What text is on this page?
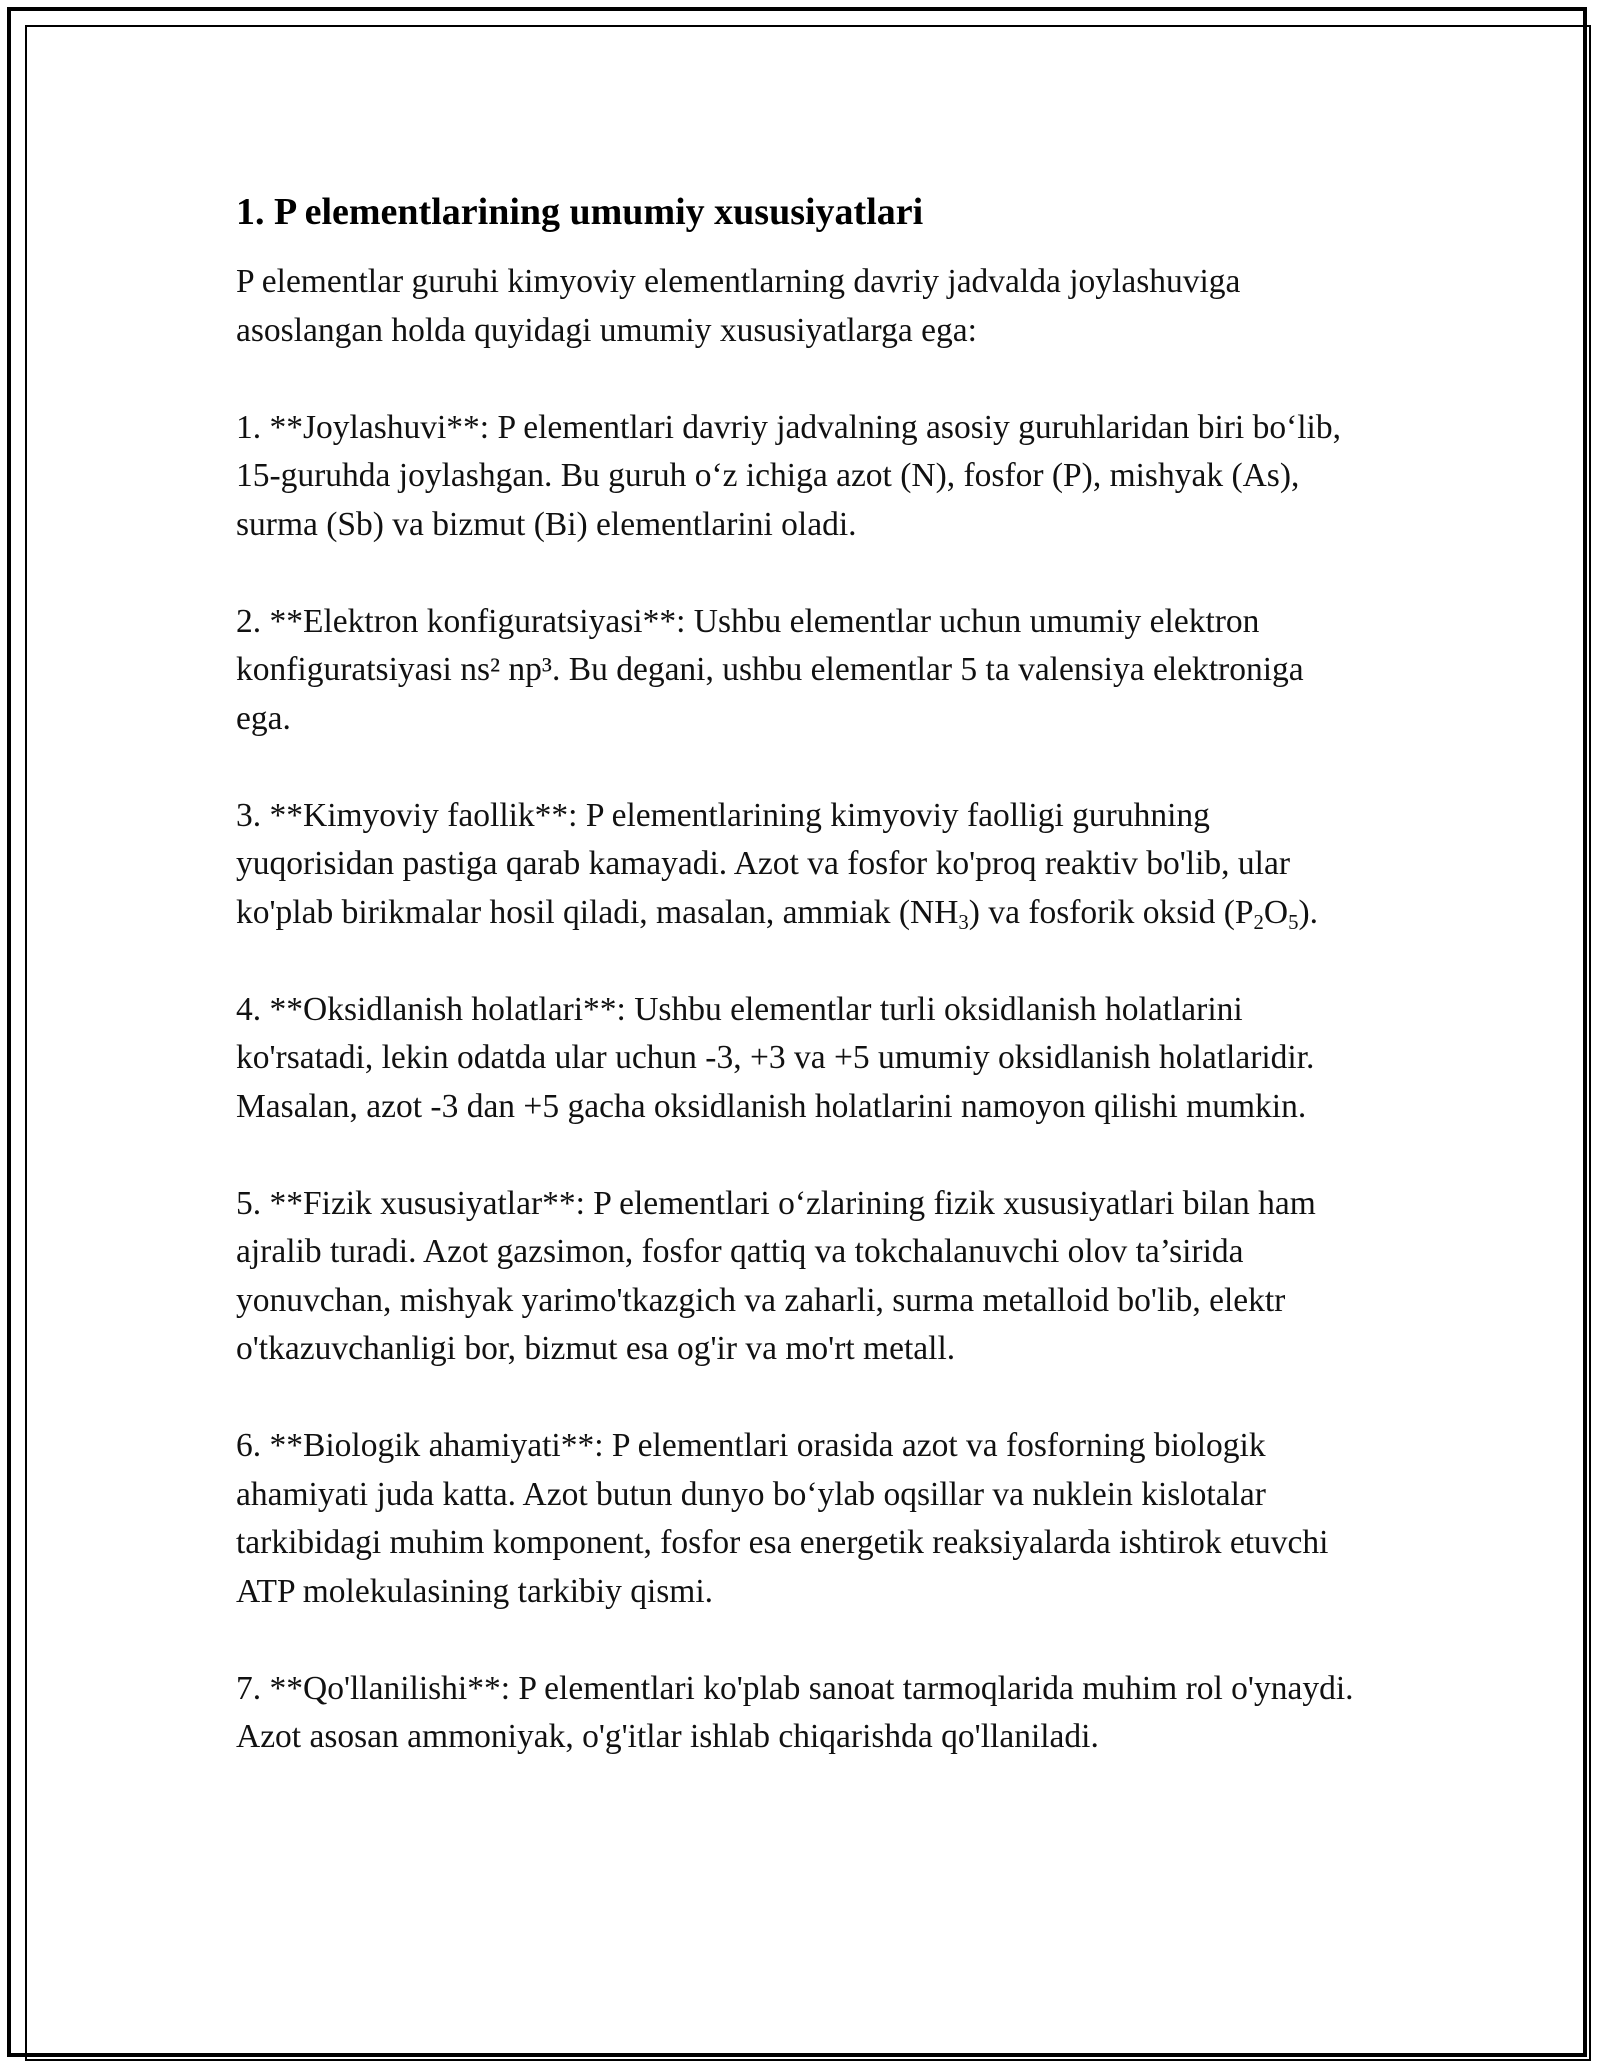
1. P elementlarining umumiy xususiyatlari

P elementlar guruhi kimyoviy elementlarning davriy jadvalda joylashuviga asoslangan holda quyidagi umumiy xususiyatlarga ega:

1. **Joylashuvi**: P elementlari davriy jadvalning asosiy guruhlaridan biri bo‘lib, 15-guruhda joylashgan. Bu guruh o‘z ichiga azot (N), fosfor (P), mishyak (As), surma (Sb) va bizmut (Bi) elementlarini oladi.

2. **Elektron konfiguratsiyasi**: Ushbu elementlar uchun umumiy elektron konfiguratsiyasi ns² np³. Bu degani, ushbu elementlar 5 ta valensiya elektroniga ega.

3. **Kimyoviy faollik**: P elementlarining kimyoviy faolligi guruhning yuqorisidan pastiga qarab kamayadi. Azot va fosfor ko'proq reaktiv bo'lib, ular ko'plab birikmalar hosil qiladi, masalan, ammiak $(NH_3)$ va fosforik oksid $(P_2O_5)$.

4. **Oksidlanish holatlari**: Ushbu elementlar turli oksidlanish holatlarini ko'rsatadi, lekin odatda ular uchun -3, +3 va +5 umumiy oksidlanish holatlaridir. Masalan, azot -3 dan +5 gacha oksidlanish holatlarini namoyon qilishi mumkin.

5. **Fizik xususiyatlar**: P elementlari o‘zlarining fizik xususiyatlari bilan ham ajralib turadi. Azot gazsimon, fosfor qattiq va tokchalanuvchi olov ta’sirida yonuvchan, mishyak yarimo'tkazgich va zaharli, surma metalloid bo'lib, elektr o'tkazuvchanligi bor, bizmut esa og'ir va mo'rt metall.

6. **Biologik ahamiyati**: P elementlari orasida azot va fosforning biologik ahamiyati juda katta. Azot butun dunyo bo‘ylab oqsillar va nuklein kislotalar tarkibidagi muhim komponent, fosfor esa energetik reaksiyalarda ishtirok etuvchi ATP molekulasining tarkibiy qismi.

7. **Qo'llanilishi**: P elementlari ko'plab sanoat tarmoqlarida muhim rol o'ynaydi. Azot asosan ammoniyak, o'g'itlar ishlab chiqarishda qo'llaniladi.
